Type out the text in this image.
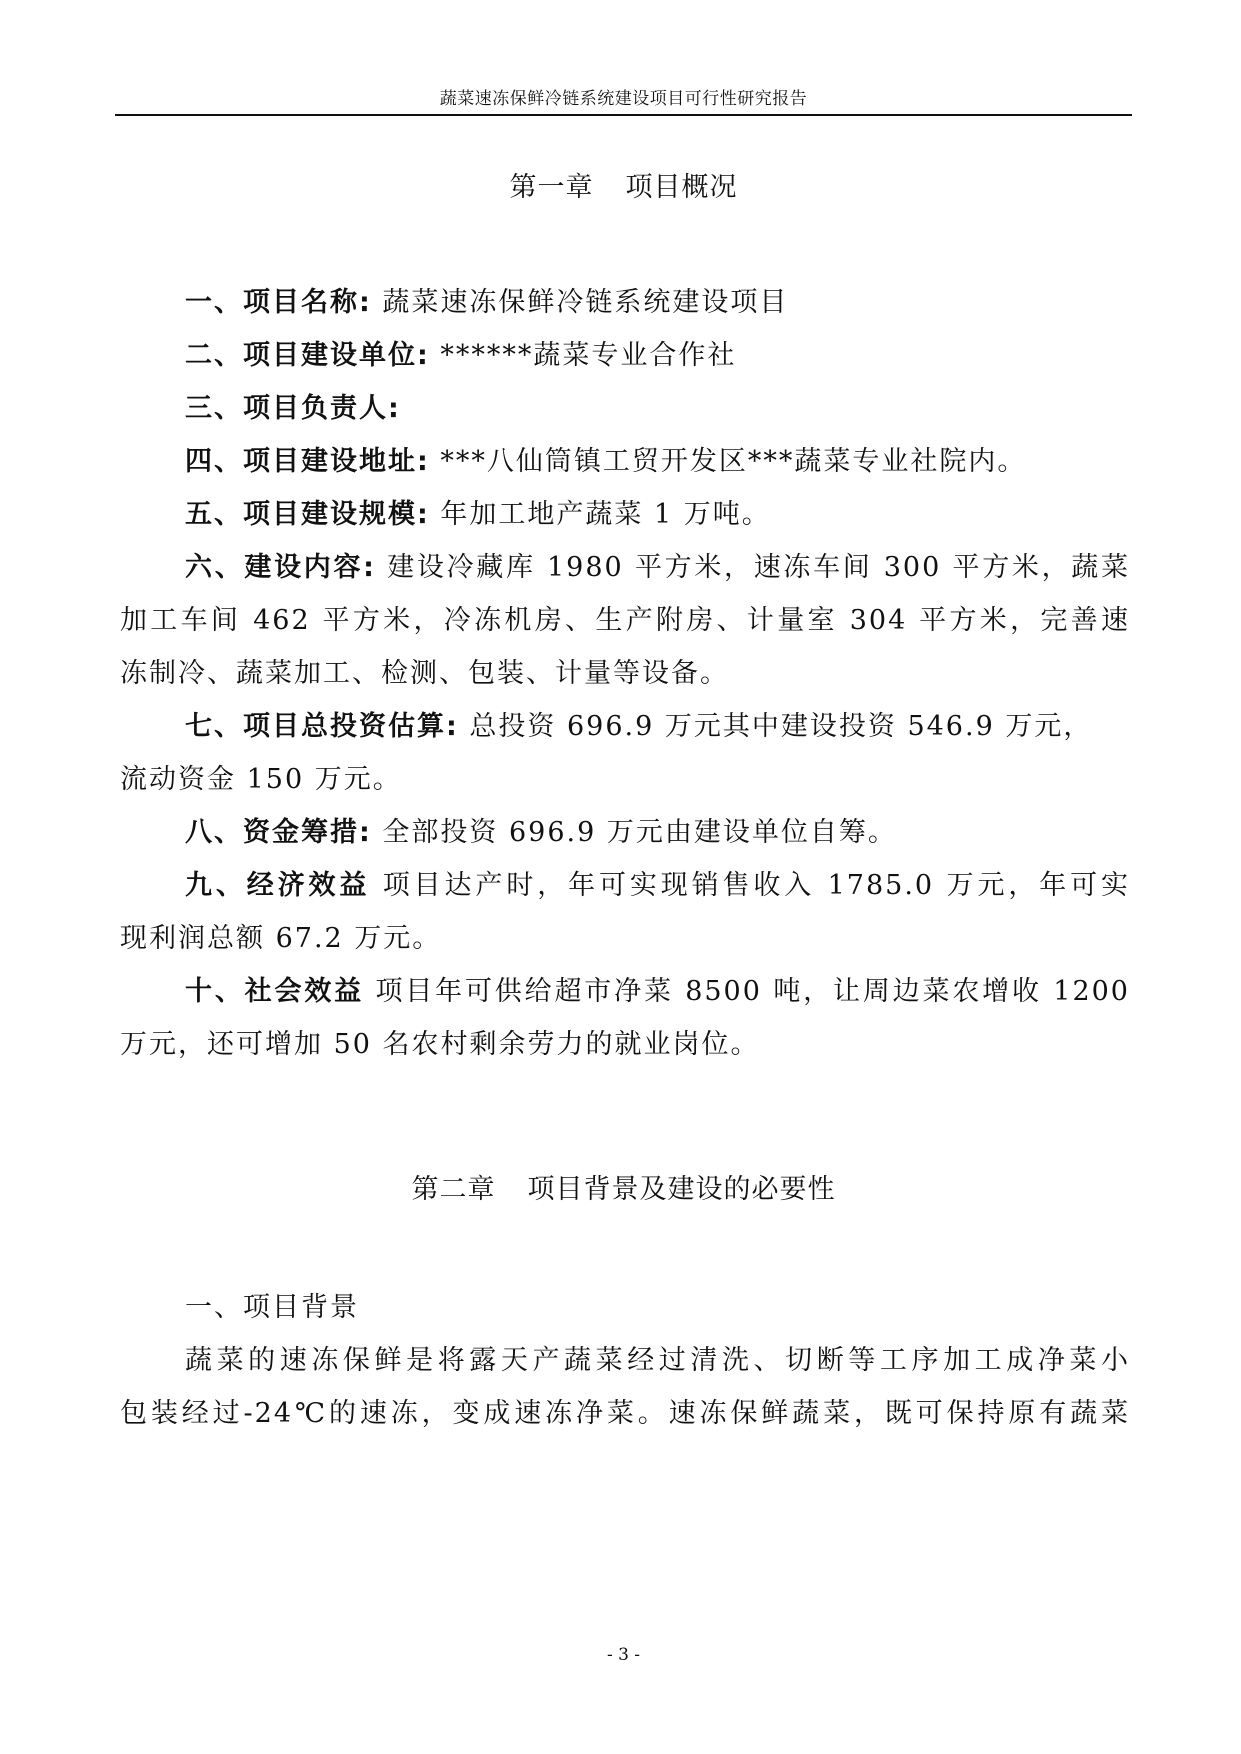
蔬菜速冻保鲜冷链系统建设项目可行性研究报告
第一章 项目概况
一、项目名称: 蔬菜速冻保鲜冷链系统建设项目
二、项目建设单位: ******蔬菜专业合作社
三、项目负责人:
四、项目建设地址: ***八仙筒镇工贸开发区***蔬菜专业社院内。
五、项目建设规模: 年加工地产蔬菜 1 万吨。
六、建设内容: 建设冷藏库 1980 平方米，速冻车间 300 平方米，蔬菜
加工车间 462 平方米，冷冻机房、生产附房、计量室 304 平方米，完善速
冻制冷、蔬菜加工、检测、包装、计量等设备。
七、项目总投资估算: 总投资 696.9 万元其中建设投资 546.9 万元，
流动资金 150 万元。
八、资金筹措: 全部投资 696.9 万元由建设单位自筹。
九、经济效益 项目达产时，年可实现销售收入 1785.0 万元，年可实
现利润总额 67.2 万元。
十、社会效益 项目年可供给超市净菜 8500 吨，让周边菜农增收 1200
万元，还可增加 50 名农村剩余劳力的就业岗位。
第二章 项目背景及建设的必要性
一、项目背景
蔬菜的速冻保鲜是将露天产蔬菜经过清洗、切断等工序加工成净菜小
包装经过-24℃的速冻，变成速冻净菜。速冻保鲜蔬菜，既可保持原有蔬菜
- 3 -
